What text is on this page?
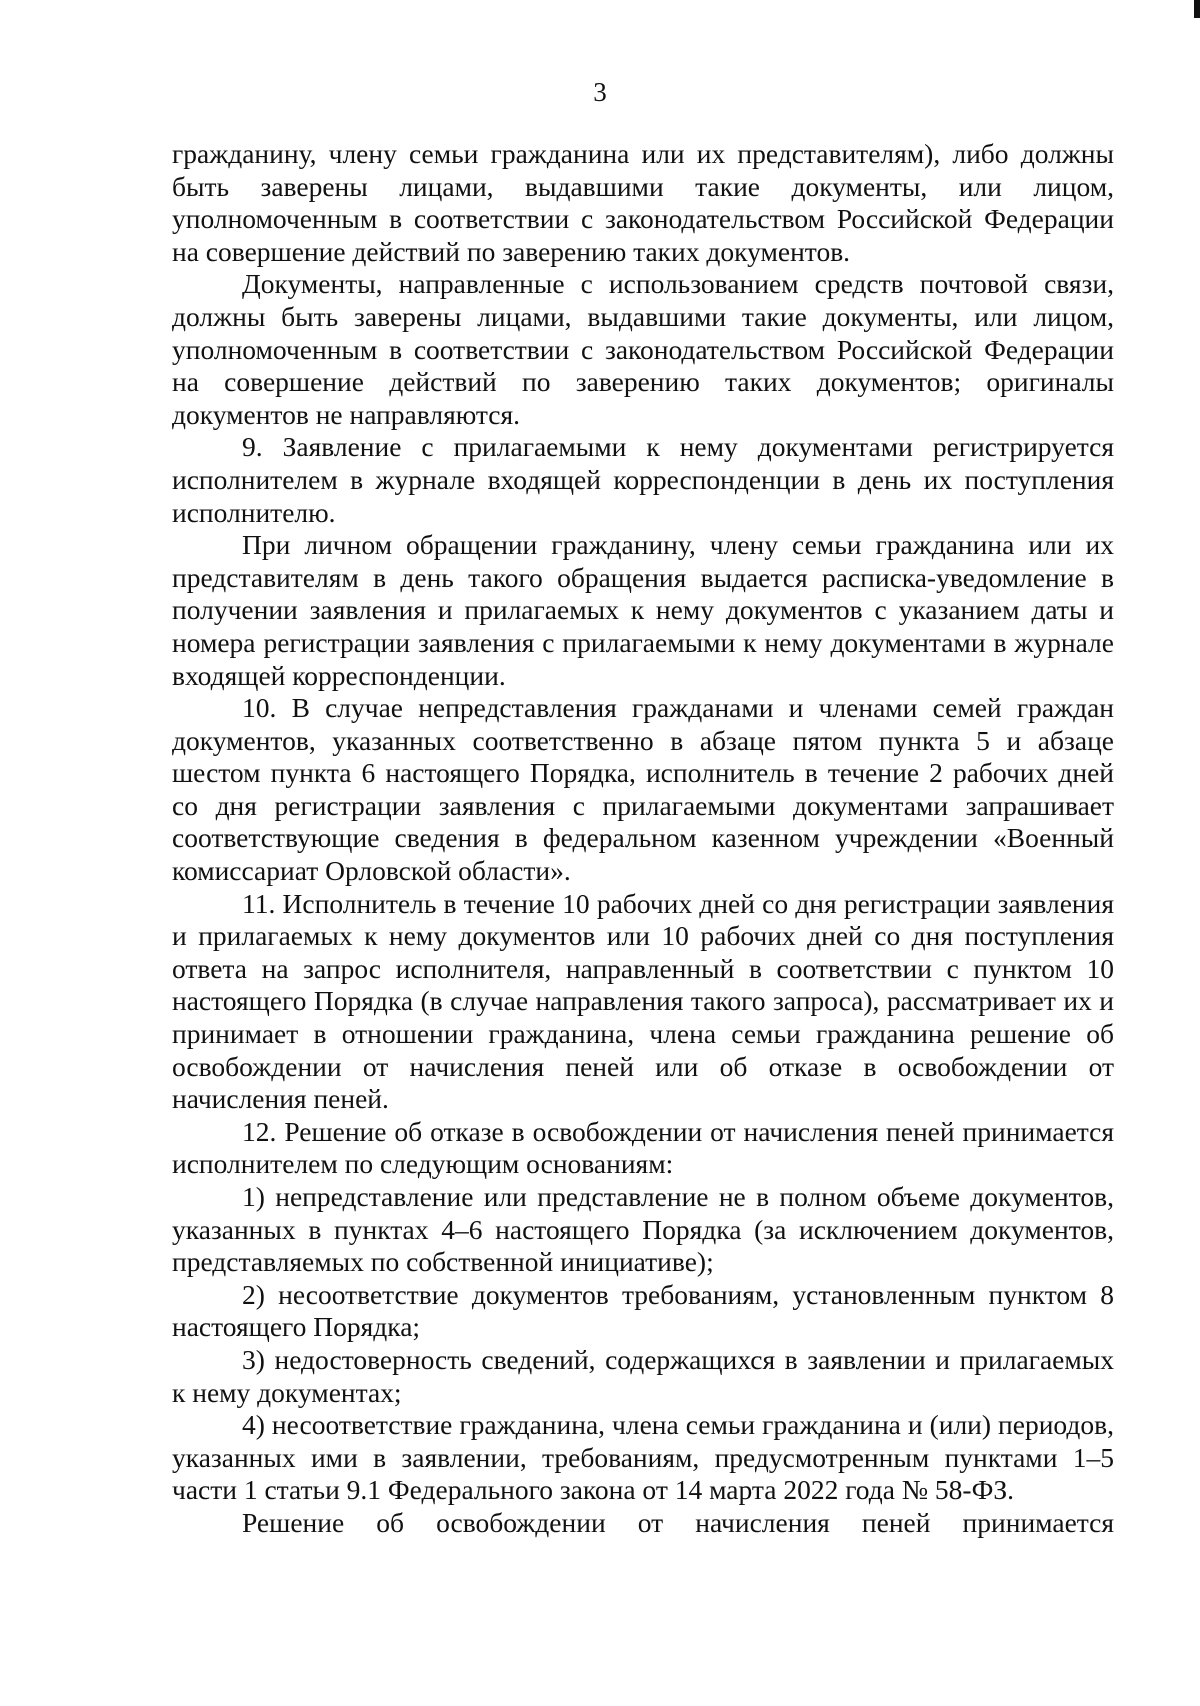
3

гражданину, члену семьи гражданина или их представителям), либо должны быть заверены лицами, выдавшими такие документы, или лицом, уполномоченным в соответствии с законодательством Российской Федерации на совершение действий по заверению таких документов.

Документы, направленные с использованием средств почтовой связи, должны быть заверены лицами, выдавшими такие документы, или лицом, уполномоченным в соответствии с законодательством Российской Федерации на совершение действий по заверению таких документов; оригиналы документов не направляются.

9. Заявление с прилагаемыми к нему документами регистрируется исполнителем в журнале входящей корреспонденции в день их поступления исполнителю.

При личном обращении гражданину, члену семьи гражданина или их представителям в день такого обращения выдается расписка-уведомление в получении заявления и прилагаемых к нему документов с указанием даты и номера регистрации заявления с прилагаемыми к нему документами в журнале входящей корреспонденции.

10. В случае непредставления гражданами и членами семей граждан документов, указанных соответственно в абзаце пятом пункта 5 и абзаце шестом пункта 6 настоящего Порядка, исполнитель в течение 2 рабочих дней со дня регистрации заявления с прилагаемыми документами запрашивает соответствующие сведения в федеральном казенном учреждении «Военный комиссариат Орловской области».

11. Исполнитель в течение 10 рабочих дней со дня регистрации заявления и прилагаемых к нему документов или 10 рабочих дней со дня поступления ответа на запрос исполнителя, направленный в соответствии с пунктом 10 настоящего Порядка (в случае направления такого запроса), рассматривает их и принимает в отношении гражданина, члена семьи гражданина решение об освобождении от начисления пеней или об отказе в освобождении от начисления пеней.

12. Решение об отказе в освобождении от начисления пеней принимается исполнителем по следующим основаниям:

1) непредставление или представление не в полном объеме документов, указанных в пунктах 4–6 настоящего Порядка (за исключением документов, представляемых по собственной инициативе);

2) несоответствие документов требованиям, установленным пунктом 8 настоящего Порядка;

3) недостоверность сведений, содержащихся в заявлении и прилагаемых к нему документах;

4) несоответствие гражданина, члена семьи гражданина и (или) периодов, указанных ими в заявлении, требованиям, предусмотренным пунктами 1–5 части 1 статьи 9.1 Федерального закона от 14 марта 2022 года № 58-ФЗ.

Решение об освобождении от начисления пеней принимается
